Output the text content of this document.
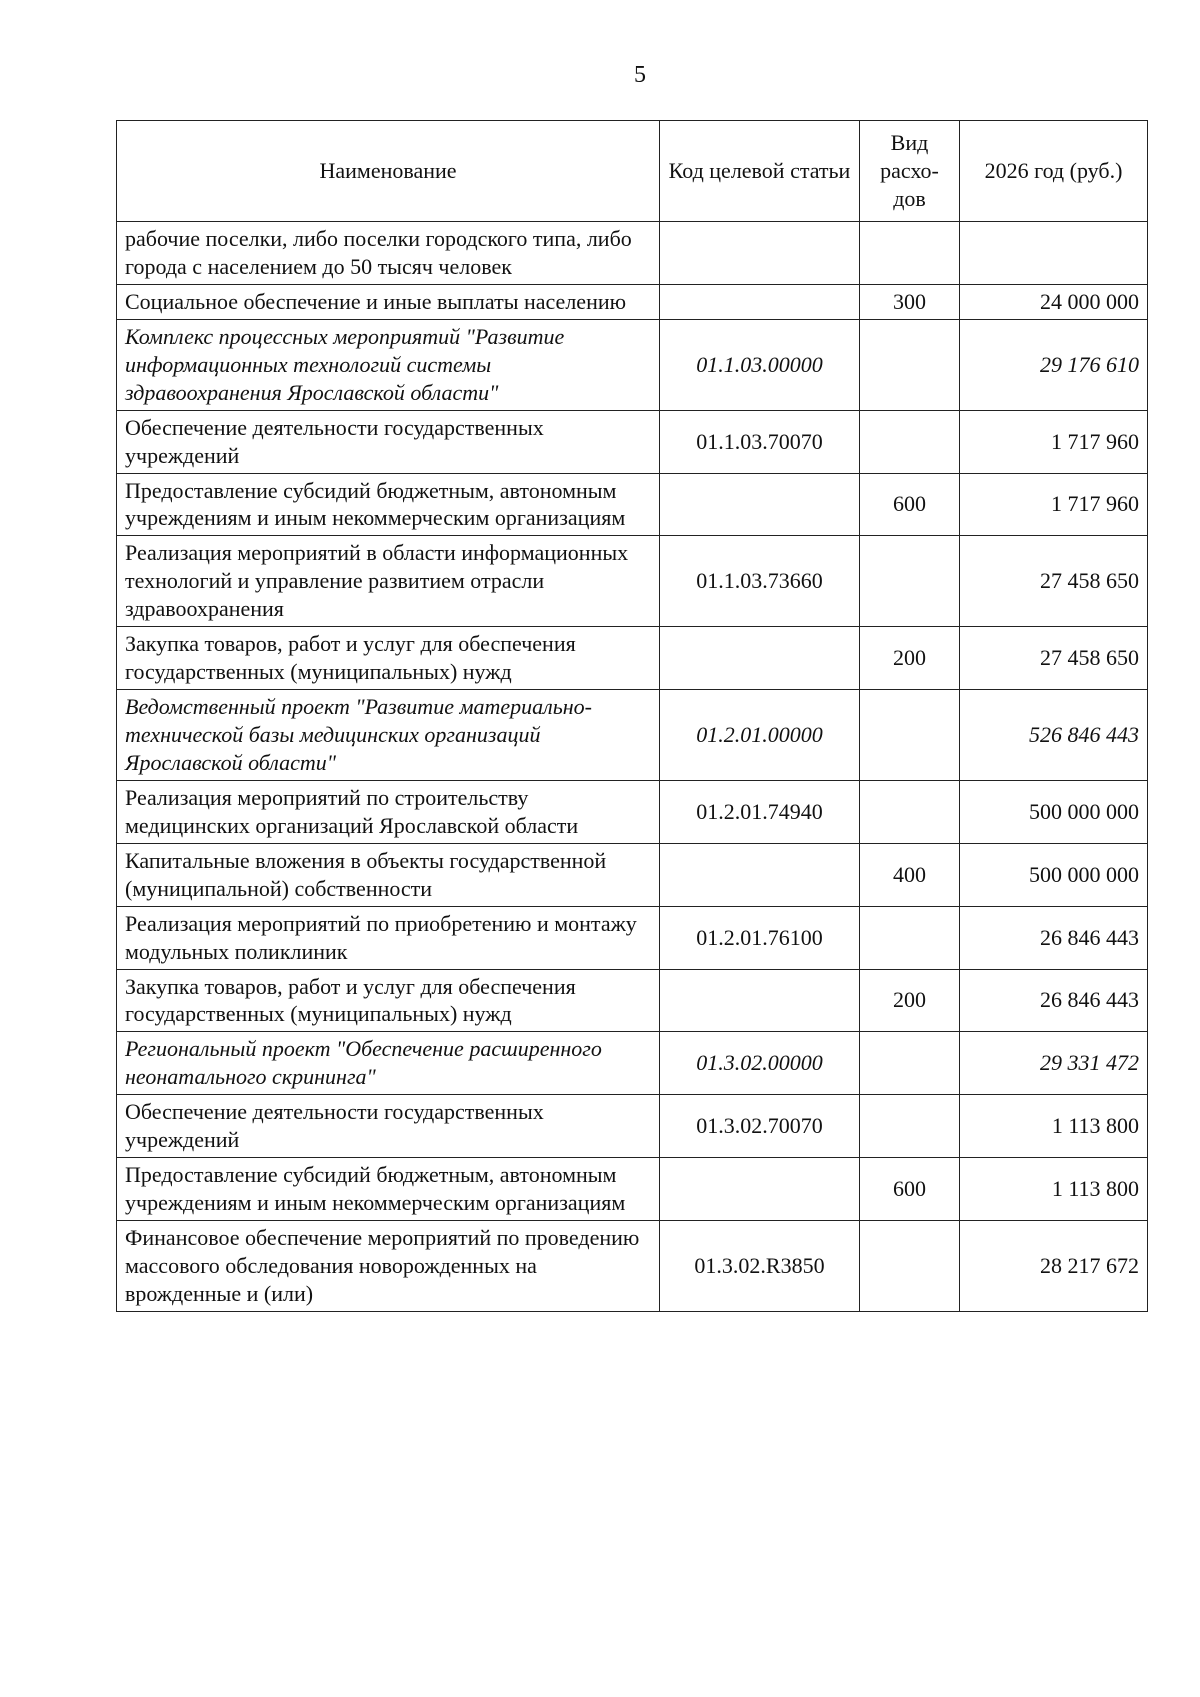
5
Наименование	Код целевой статьи	Вид расхо-дов	2026 год (руб.)
рабочие поселки, либо поселки городского типа, либо города с населением до 50 тысяч человек			
Социальное обеспечение и иные выплаты населению		300	24 000 000
Комплекс процессных мероприятий "Развитие информационных технологий системы здравоохранения Ярославской области"	01.1.03.00000		29 176 610
Обеспечение деятельности государственных учреждений	01.1.03.70070		1 717 960
Предоставление субсидий бюджетным, автономным учреждениям и иным некоммерческим организациям		600	1 717 960
Реализация мероприятий в области информационных технологий и управление развитием отрасли здравоохранения	01.1.03.73660		27 458 650
Закупка товаров, работ и услуг для обеспечения государственных (муниципальных) нужд		200	27 458 650
Ведомственный проект "Развитие материально-технической базы медицинских организаций Ярославской области"	01.2.01.00000		526 846 443
Реализация мероприятий по строительству медицинских организаций Ярославской области	01.2.01.74940		500 000 000
Капитальные вложения в объекты государственной (муниципальной) собственности		400	500 000 000
Реализация мероприятий по приобретению и монтажу модульных поликлиник	01.2.01.76100		26 846 443
Закупка товаров, работ и услуг для обеспечения государственных (муниципальных) нужд		200	26 846 443
Региональный проект "Обеспечение расширенного неонатального скрининга"	01.3.02.00000		29 331 472
Обеспечение деятельности государственных учреждений	01.3.02.70070		1 113 800
Предоставление субсидий бюджетным, автономным учреждениям и иным некоммерческим организациям		600	1 113 800
Финансовое обеспечение мероприятий по проведению массового обследования новорожденных на врожденные и (или)	01.3.02.R3850		28 217 672
